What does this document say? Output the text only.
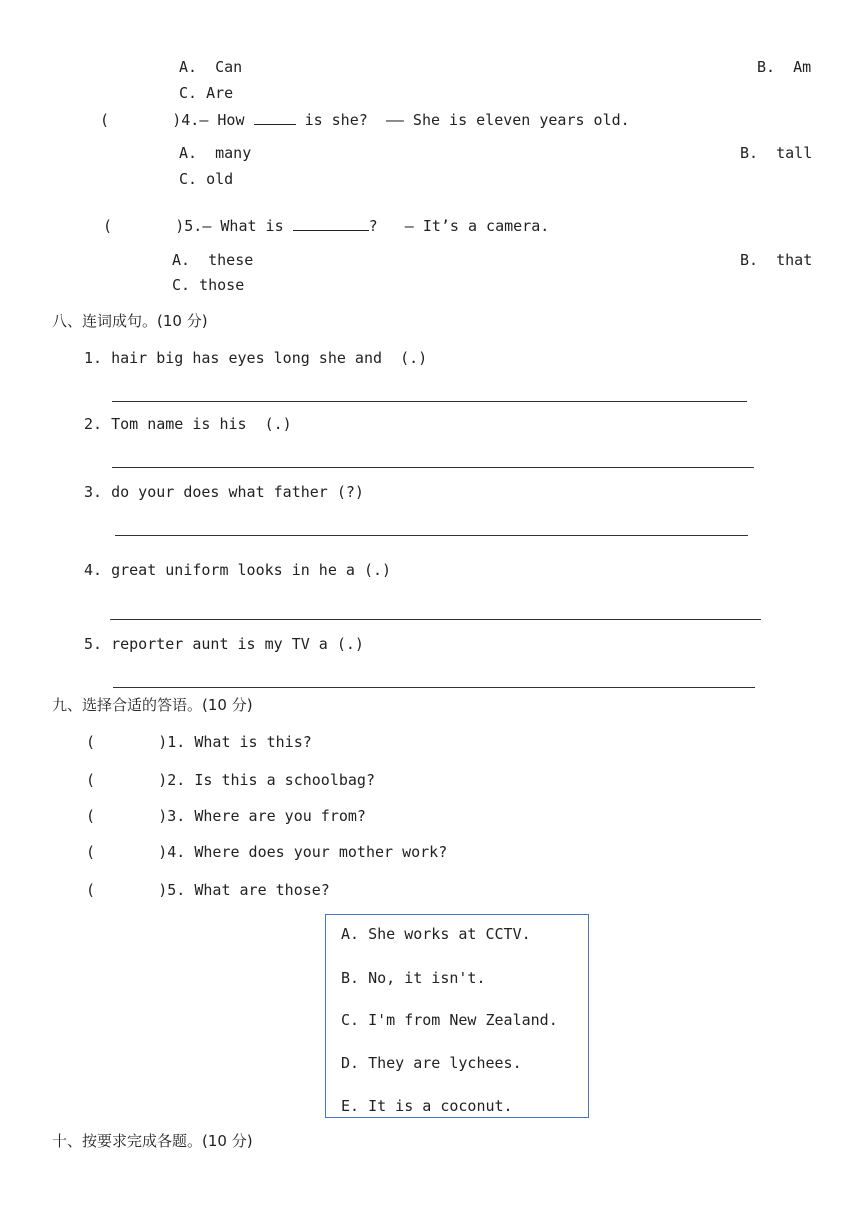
A.  Can	B.  Am
C. Are
(	)4.— How	is she?  —— She is eleven years old.
A.  many	B.  tall
C. old
(	)5.— What is	?   — It’s a camera.
A.  these	B.  that
C. those
八、连词成句。(10 分)
1. hair big has eyes long she and  (.)
2. Tom name is his  (.)
3. do your does what father (?)
4. great uniform looks in he a (.)
5. reporter aunt is my TV a (.)
九、选择合适的答语。(10 分)
(	)1. What is this?
(	)2. Is this a schoolbag?
(	)3. Where are you from?
(	)4. Where does your mother work?
(	)5. What are those?
A. She works at CCTV.
B. No, it isn't.
C. I'm from New Zealand.
D. They are lychees.
E. It is a coconut.
十、按要求完成各题。(10 分)
